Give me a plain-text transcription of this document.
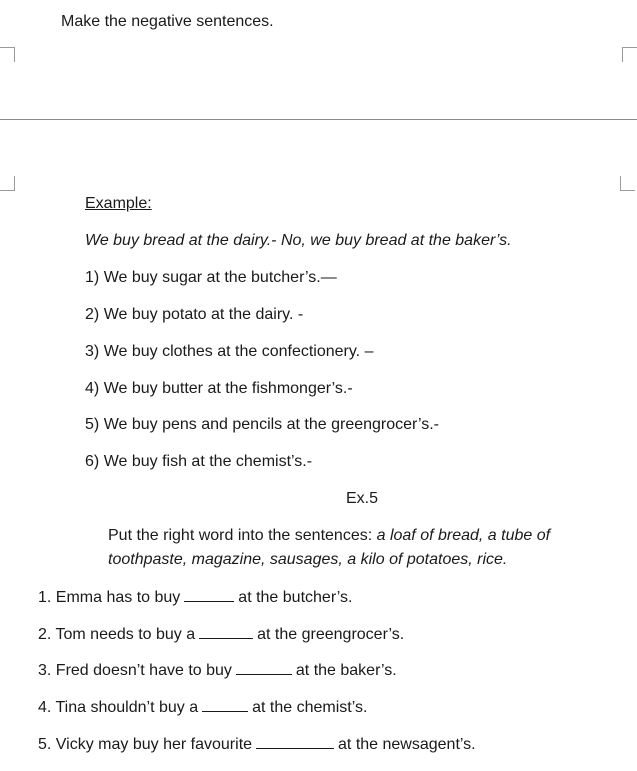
Make the negative sentences.
Example:
We buy bread at the dairy.- No, we buy bread at the baker’s.
1) We buy sugar at the butcher’s.—
2) We buy potato at the dairy. -
3) We buy clothes at the confectionery. –
4) We buy butter at the fishmonger’s.-
5) We buy pens and pencils at the greengrocer’s.-
6) We buy fish at the chemist’s.-
Ex.5
Put the right word into the sentences: a loaf of bread, a tube of
toothpaste, magazine, sausages, a kilo of potatoes, rice.
1. Emma has to buy	at the butcher’s.
2. Tom needs to buy a	at the greengrocer’s.
3. Fred doesn’t have to buy	at the baker’s.
4. Tina shouldn’t buy a	at the chemist’s.
5. Vicky may buy her favourite	at the newsagent’s.
